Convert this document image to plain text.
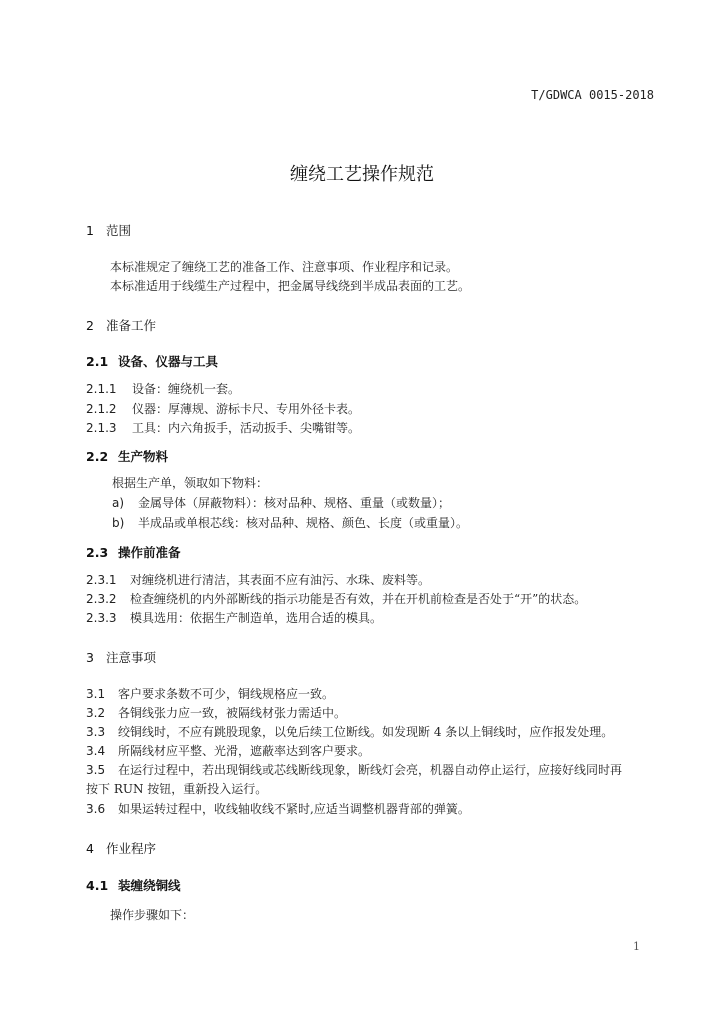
T/GDWCA 0015-2018
缠绕工艺操作规范
1 范围
本标准规定了缠绕工艺的准备工作、注意事项、作业程序和记录。
本标准适用于线缆生产过程中，把金属导线绕到半成品表面的工艺。
2 准备工作
2.1 设备、仪器与工具
2.1.1 设备：缠绕机一套。
2.1.2 仪器：厚薄规、游标卡尺、专用外径卡表。
2.1.3 工具：内六角扳手，活动扳手、尖嘴钳等。
2.2 生产物料
根据生产单，领取如下物料：
a) 金属导体（屏蔽物料）：核对品种、规格、重量（或数量）；
b) 半成品或单根芯线：核对品种、规格、颜色、长度（或重量）。
2.3 操作前准备
2.3.1 对缠绕机进行清洁，其表面不应有油污、水珠、废料等。
2.3.2 检查缠绕机的内外部断线的指示功能是否有效，并在开机前检查是否处于“开”的状态。
2.3.3 模具选用：依据生产制造单，选用合适的模具。
3 注意事项
3.1 客户要求条数不可少，铜线规格应一致。
3.2 各铜线张力应一致，被隔线材张力需适中。
3.3 绞铜线时，不应有跳股现象，以免后续工位断线。如发现断 4 条以上铜线时，应作报发处理。
3.4 所隔线材应平整、光滑，遮蔽率达到客户要求。
3.5 在运行过程中，若出现铜线或芯线断线现象，断线灯会亮，机器自动停止运行，应接好线同时再
按下 RUN 按钮，重新投入运行。
3.6 如果运转过程中，收线轴收线不紧时,应适当调整机器背部的弹簧。
4 作业程序
4.1 装缠绕铜线
操作步骤如下：
1
